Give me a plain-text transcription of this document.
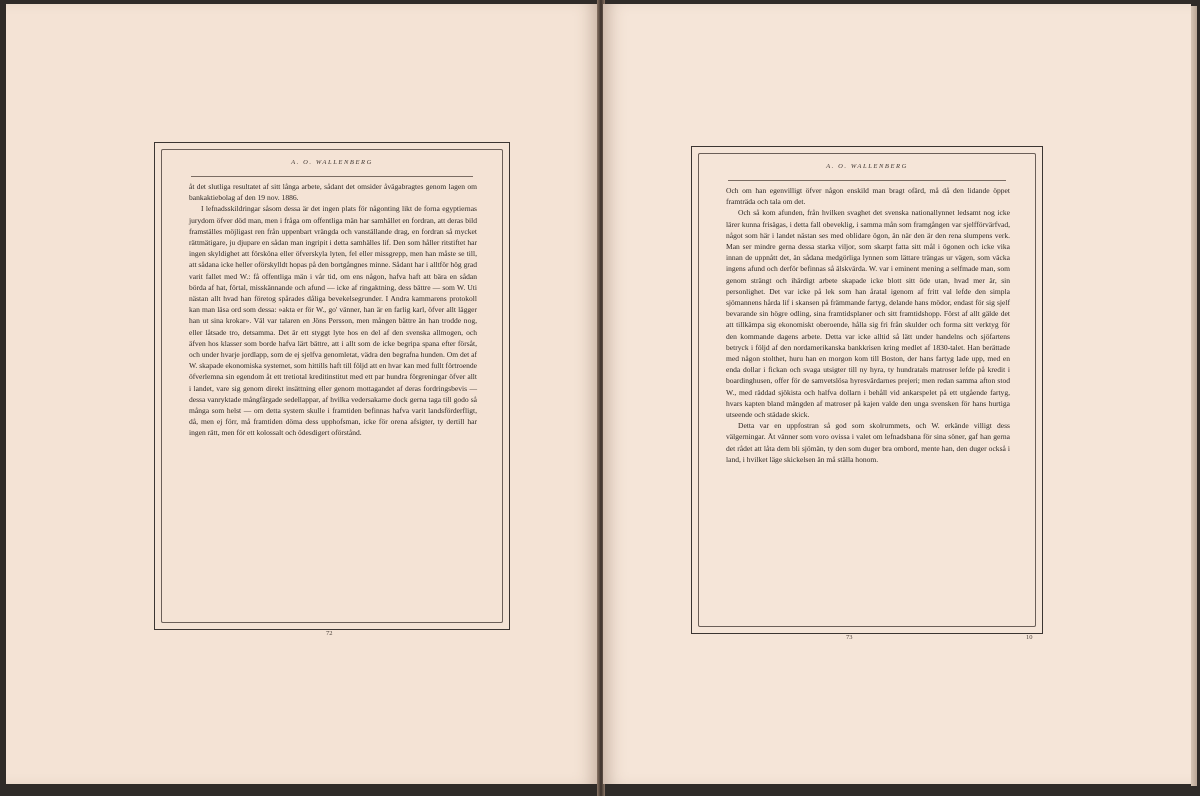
A. O. WALLENBERG

åt det slutliga resultatet af sitt långa arbete, sådant det omsider åvägabragtes genom lagen om bankaktiebolag af den 19 nov. 1886.

I lefnadsskildringar såsom dessa är det ingen plats för någonting likt de forna egyptiernas jurydom öfver död man, men i fråga om offentliga män har samhället en fordran, att deras bild framställes möjligast ren från uppenbart vrängda och vanställande drag, en fordran så mycket rättmätigare, ju djupare en sådan man ingripit i detta samhälles lif. Den som håller ritstiftet har ingen skyldighet att försköna eller öfverskyla lyten, fel eller missgrepp, men han måste se till, att sådana icke heller oförskylldt hopas på den bortgångnes minne. Sådant har i alltför hög grad varit fallet med W.: få offentliga män i vår tid, om ens någon, hafva haft att bära en sådan börda af hat, förtal, misskännande och afund — icke af ringaktning, dess bättre — som W. Uti nästan allt hvad han företog spårades dåliga bevekelsegrunder. I Andra kammarens protokoll kan man läsa ord som dessa: »akta er för W., go' vänner, han är en farlig karl, öfver allt lägger han ut sina krokar». Väl var talaren en Jöns Persson, men mången bättre än han trodde nog, eller låtsade tro, detsamma. Det är ett styggt lyte hos en del af den svenska allmogen, och äfven hos klasser som borde hafva lärt bättre, att i allt som de icke begripa spana efter försåt, och under hvarje jordlapp, som de ej sjelfva genomletat, vädra den begrafna hunden. Om det af W. skapade ekonomiska systemet, som hittills haft till följd att en hvar kan med fullt förtroende öfverlemna sin egendom åt ett tretiotal kreditinstitut med ett par hundra förgreningar öfver allt i landet, vare sig genom direkt insättning eller genom mottagandet af deras fordringsbevis — dessa vanryktade mångfärgade sedellappar, af hvilka vedersakarne dock gerna taga till godo så många som helst — om detta system skulle i framtiden befinnas hafva varit landsförderfligt, då, men ej förr, må framtiden döma dess upphofsman, icke för orena afsigter, ty dertill har ingen rätt, men för ett kolossalt och ödesdigert oförstånd.

A. O. WALLENBERG

Och om han egenvilligt öfver någon enskild man bragt ofärd, må då den lidande öppet framträda och tala om det.

Och så kom afunden, från hvilken svaghet det svenska nationallynnet ledsamt nog icke lärer kunna frisägas, i detta fall obeveklig, i samma mån som framgången var sjelfförvärfvad, något som här i landet nästan ses med oblidare ögon, än när den är den rena slumpens verk. Man ser mindre gerna dessa starka viljor, som skarpt fatta sitt mål i ögonen och icke vika innan de uppnått det, än sådana medgörliga lynnen som lättare trängas ur vägen, som väcka ingens afund och derför befinnas så älskvärda. W. var i eminent mening a selfmade man, som genom strängt och ihärdigt arbete skapade icke blott sitt öde utan, hvad mer är, sin personlighet. Det var icke på lek som han åratal igenom af fritt val lefde den simpla sjömannens hårda lif i skansen på främmande fartyg, delande hans mödor, endast för sig sjelf bevarande sin högre odling, sina framtidsplaner och sitt framtidshopp. Först af allt gälde det att tillkämpa sig ekonomiskt oberoende, hålla sig fri från skulder och forma sitt verktyg för den kommande dagens arbete. Detta var icke alltid så lätt under handelns och sjöfartens betryck i följd af den nordamerikanska bankkrisen kring medlet af 1830-talet. Han berättade med någon stolthet, huru han en morgon kom till Boston, der hans fartyg lade upp, med en enda dollar i fickan och svaga utsigter till ny hyra, ty hundratals matroser lefde på kredit i boardinghusen, offer för de samvetslösa hyresvärdarnes prejeri; men redan samma afton stod W., med räddad sjökista och halfva dollarn i behåll vid ankarspelet på ett utgående fartyg, hvars kapten bland mängden af matroser på kajen valde den unga svensken för hans hurtiga utseende och städade skick.

Detta var en uppfostran så god som skolrummets, och W. erkände villigt dess välgerningar. Åt vänner som voro ovissa i valet om lefnadsbana för sina söner, gaf han gerna det rådet att låta dem bli sjömän, ty den som duger bra ombord, mente han, den duger också i land, i hvilket läge skickelsen än må ställa honom.

72
73	10
